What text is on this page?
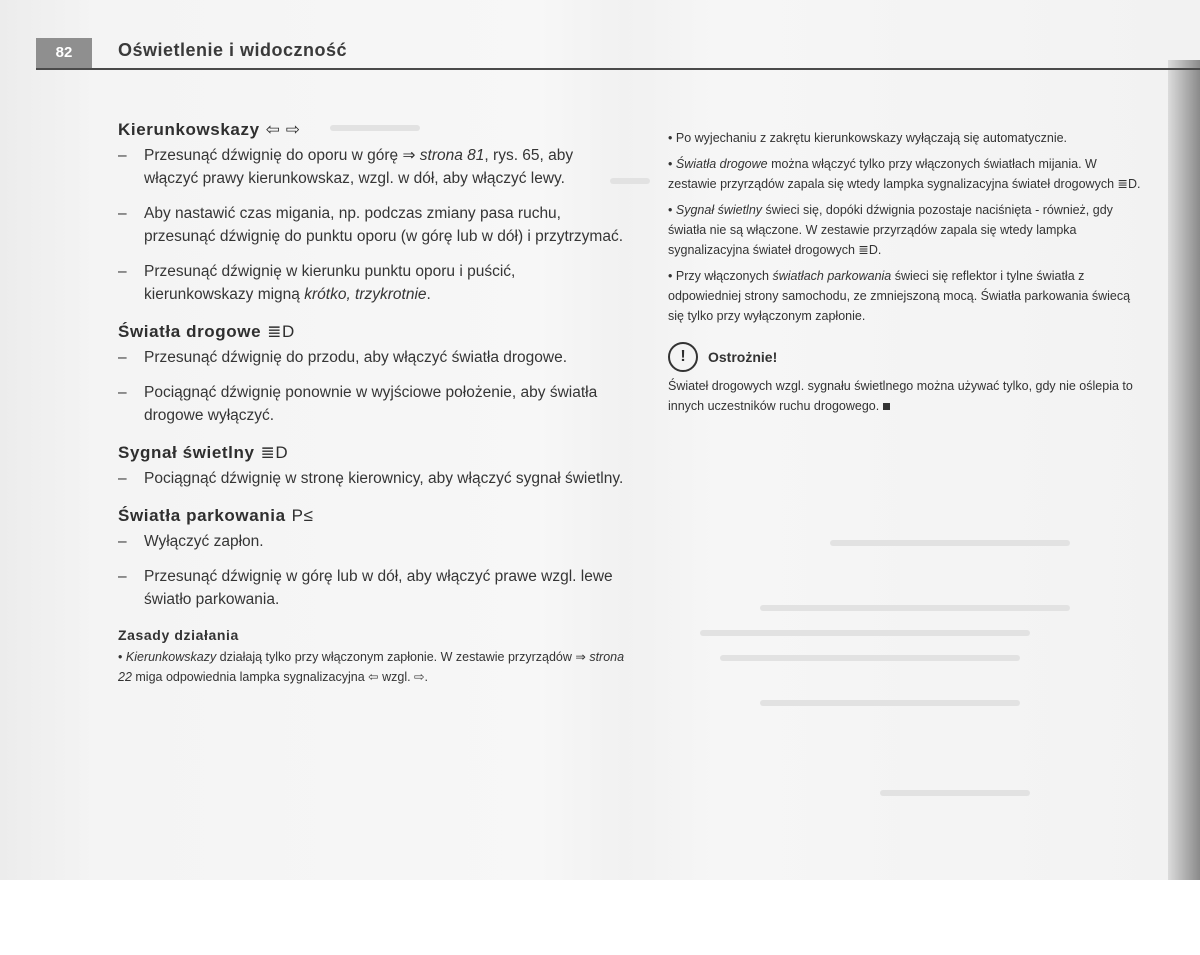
82	Oświetlenie i widoczność
Kierunkowskazy ⇦ ⇨
– Przesunąć dźwignię do oporu w górę ⇒ strona 81, rys. 65, aby włączyć prawy kierunkowskaz, wzgl. w dół, aby włączyć lewy.
– Aby nastawić czas migania, np. podczas zmiany pasa ruchu, przesunąć dźwignię do punktu oporu (w górę lub w dół) i przytrzymać.
– Przesunąć dźwignię w kierunku punktu oporu i puścić, kierunkowskazy migną krótko, trzykrotnie.
Światła drogowe ≣D
– Przesunąć dźwignię do przodu, aby włączyć światła drogowe.
– Pociągnąć dźwignię ponownie w wyjściowe położenie, aby światła drogowe wyłączyć.
Sygnał świetlny ≣D
– Pociągnąć dźwignię w stronę kierownicy, aby włączyć sygnał świetlny.
Światła parkowania P≤
– Wyłączyć zapłon.
– Przesunąć dźwignię w górę lub w dół, aby włączyć prawe wzgl. lewe światło parkowania.
Zasady działania

• Kierunkowskazy działają tylko przy włączonym zapłonie. W zestawie przyrządów ⇒ strona 22 miga odpowiednia lampka sygnalizacyjna ⇦ wzgl. ⇨.

• Po wyjechaniu z zakrętu kierunkowskazy wyłączają się automatycznie.

• Światła drogowe można włączyć tylko przy włączonych światłach mijania. W zestawie przyrządów zapala się wtedy lampka sygnalizacyjna świateł drogowych ≣D.

• Sygnał świetlny świeci się, dopóki dźwignia pozostaje naciśnięta - również, gdy światła nie są włączone. W zestawie przyrządów zapala się wtedy lampka sygnalizacyjna świateł drogowych ≣D.

• Przy włączonych światłach parkowania świeci się reflektor i tylne światła z odpowiedniej strony samochodu, ze zmniejszoną mocą. Światła parkowania świecą się tylko przy wyłączonym zapłonie.

!	Ostrożnie!

Świateł drogowych wzgl. sygnału świetlnego można używać tylko, gdy nie oślepia to innych uczestników ruchu drogowego.
